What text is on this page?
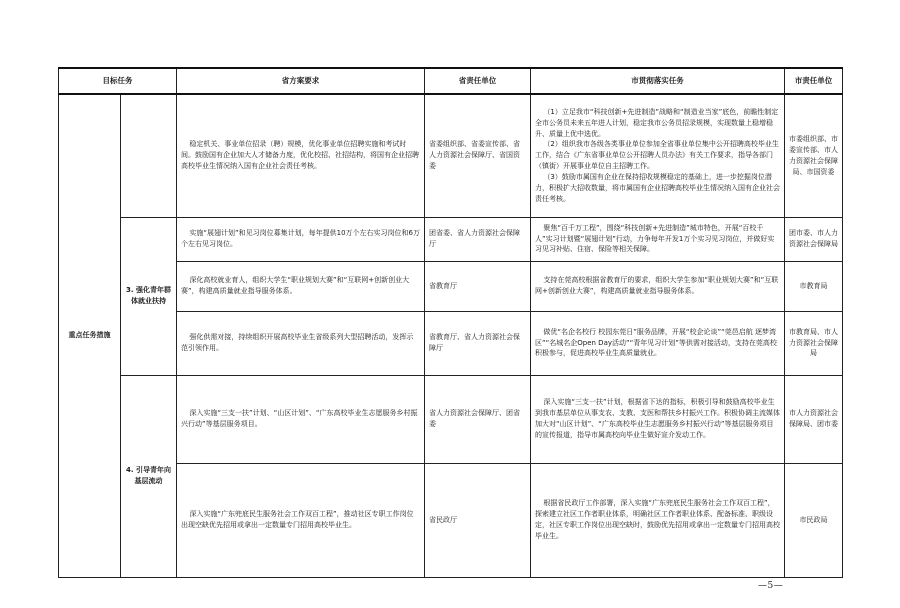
目标任务		省方案要求	省责任单位	市贯彻落实任务	市责任单位
重点任务措施		稳定机关、事业单位招录（聘）规模，优化事业单位招聘实施和考试时间。鼓励国有企业加大人才储备力度，优化校招、社招结构，将国有企业招聘高校毕业生情况纳入国有企业社会责任考核。	省委组织部、省委宣传部、省人力资源社会保障厅、省国资委	（1）立足我市“科技创新+先进制造”战略和“制造业当家”底色，前瞻性制定全市公务员未来五年进人计划，稳定我市公务员招录规模，实现数量上稳增稳升、质量上优中选优。
（2）组织我市各级各类事业单位参加全省事业单位集中公开招聘高校毕业生工作，结合《广东省事业单位公开招聘人员办法》有关工作要求，指导各部门（镇街）开展事业单位自主招聘工作。
（3）鼓励市属国有企业在保持招收规模稳定的基础上，进一步挖掘岗位潜力，积极扩大招收数量，将市属国有企业招聘高校毕业生情况纳入国有企业社会责任考核。	市委组织部、市委宣传部、市人力资源社会保障局、市国资委
	3. 强化青年群体就业扶持	实施“展翅计划”和见习岗位募集计划，每年提供10万个左右实习岗位和6万个左右见习岗位。	团省委、省人力资源社会保障厅	聚焦“百千万工程”，围绕“科技创新+先进制造”城市特色，开展“百校千人”实习计划暨“展翅计划”行动，力争每年开发1万个实习见习岗位，并做好实习见习补贴、住宿、保险等相关保障。	团市委、市人力资源社会保障局

		深化高校就业育人，组织大学生“职业规划大赛”和“互联网+创新创业大赛”，构建高质量就业指导服务体系。	省教育厅	支持在莞高校根据省教育厅的要求，组织大学生参加“职业规划大赛”和“互联网+创新创业大赛”，构建高质量就业指导服务体系。	市教育局

		强化供需对接，持续组织开展高校毕业生省级系列大型招聘活动，发挥示范引领作用。	省教育厅、省人力资源社会保障厅	做优“名企名校行 校园东莞日”服务品牌，开展“校企论谈”“莞邑启航 逐梦湾区”“名城名企Open Day活动”“青年见习计划”等供需对接活动，支持在莞高校积极参与，促进高校毕业生高质量就业。	市教育局、市人力资源社会保障局
	4. 引导青年向基层流动	深入实施“三支一扶”计划、“山区计划”、“广东高校毕业生志愿服务乡村振兴行动”等基层服务项目。	省人力资源社会保障厅、团省委	深入实施“三支一扶”计划，根据省下达的指标，积极引导和鼓励高校毕业生到我市基层单位从事支农、支教、支医和帮扶乡村振兴工作。积极协调主流媒体加大对“山区计划”、“广东高校毕业生志愿服务乡村振兴行动”等基层服务项目的宣传报道，指导市属高校向毕业生做好宣介发动工作。	市人力资源社会保障局、团市委

		深入实施“广东兜底民生服务社会工作双百工程”，推动社区专职工作岗位出现空缺优先招用或拿出一定数量专门招用高校毕业生。	省民政厅	根据省民政厅工作部署，深入实施“广东兜底民生服务社会工作双百工程”，探索建立社区工作者职业体系，明确社区工作者职业体系、配备标准、职级设定，社区专职工作岗位出现空缺时，鼓励优先招用或拿出一定数量专门招用高校毕业生。	市民政局
—5—
